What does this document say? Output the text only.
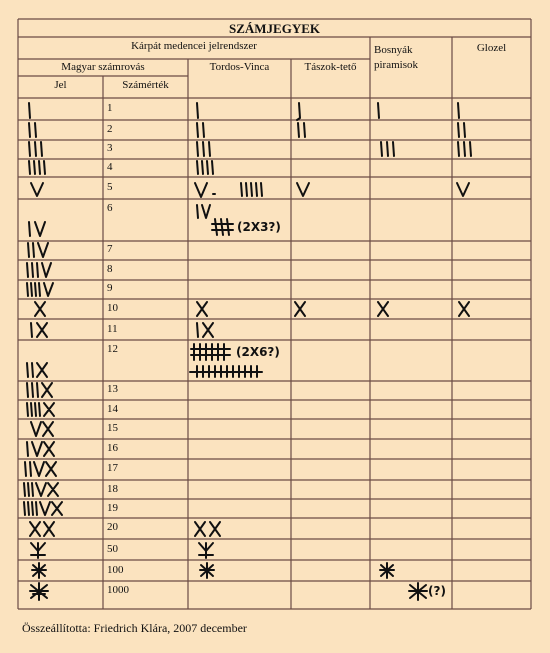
SZÁMJEGYEK
Kárpát medencei jelrendszer
Magyar számrovás
Jel	Számérték
Tordos-Vinca	Tászok-tető
Bosnyák piramisok
Glozel
1
2
3
4
5
6
7
8
9
10
11
12
13
14
15
16
17
18
19
20
50
100
1000
(2X3?)
(2X6?)
(?)
Összeállította: Friedrich Klára, 2007 december
